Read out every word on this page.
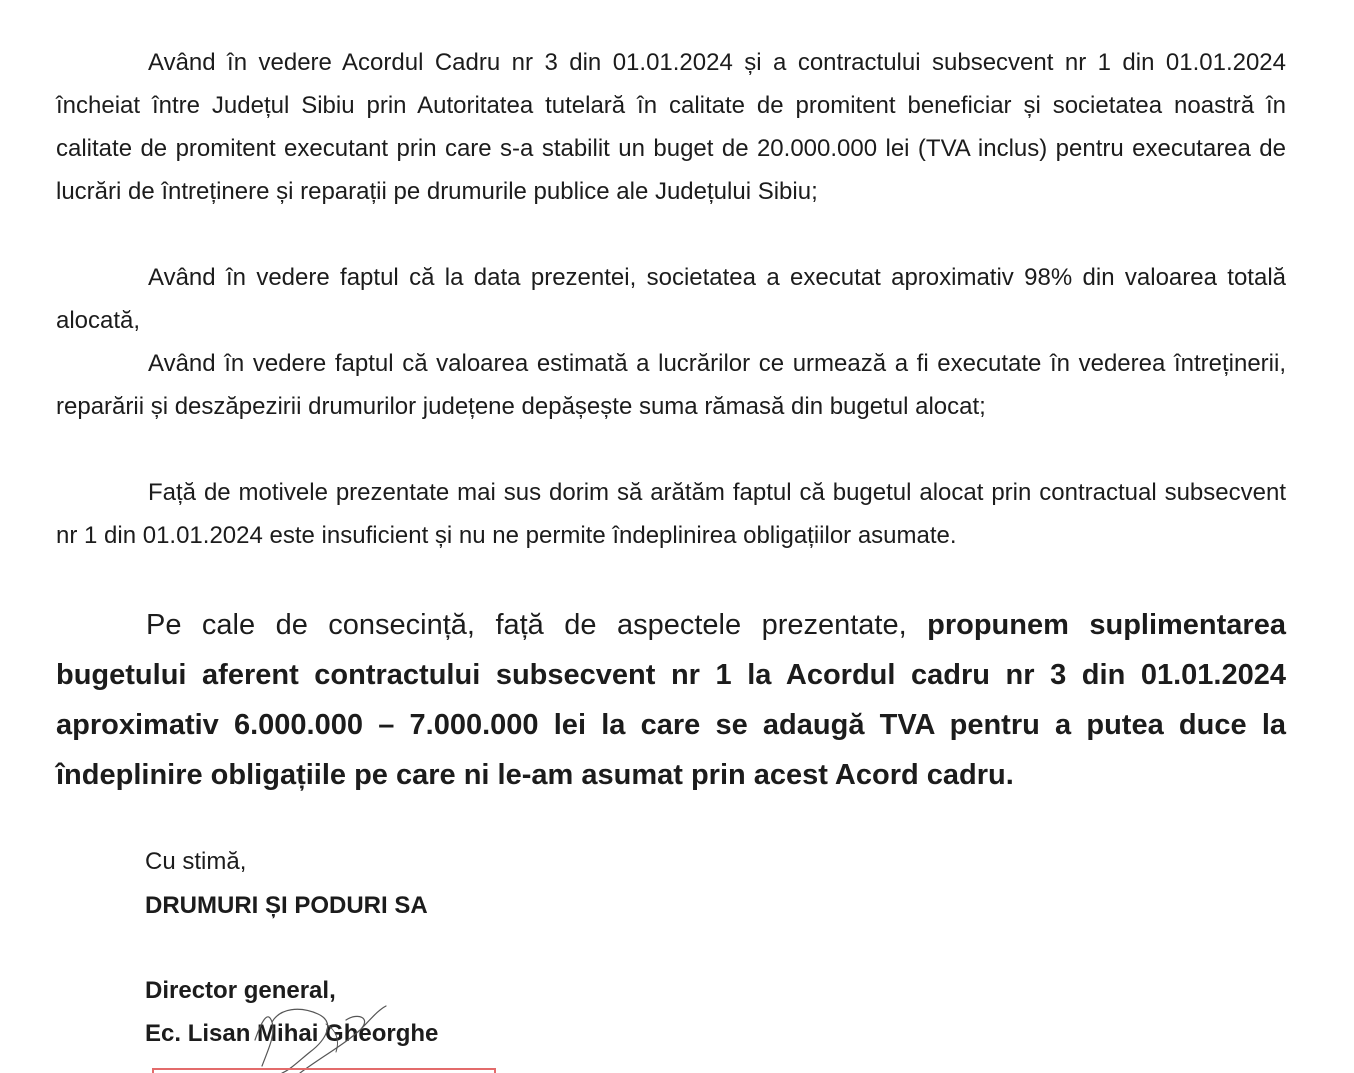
Având în vedere Acordul Cadru nr 3 din 01.01.2024 și a contractului subsecvent nr 1 din 01.01.2024 încheiat între Județul Sibiu prin Autoritatea tutelară în calitate de promitent beneficiar și societatea noastră în calitate de promitent executant prin care s-a stabilit un buget de 20.000.000 lei (TVA inclus) pentru executarea de lucrări de întreținere și reparații pe drumurile publice ale Județului Sibiu;

Având în vedere faptul că la data prezentei, societatea a executat aproximativ 98% din valoarea totală alocată,

Având în vedere faptul că valoarea estimată a lucrărilor ce urmează a fi executate în vederea întreținerii, reparării și deszăpezirii drumurilor județene depășește suma rămasă din bugetul alocat;

Față de motivele prezentate mai sus dorim să arătăm faptul că bugetul alocat prin contractual subsecvent nr 1 din 01.01.2024 este insuficient și nu ne permite îndeplinirea obligațiilor asumate.

Pe cale de consecință, față de aspectele prezentate, propunem suplimentarea bugetului aferent contractului subsecvent nr 1 la Acordul cadru nr 3 din 01.01.2024 aproximativ 6.000.000 – 7.000.000 lei la care se adaugă TVA pentru a putea duce la îndeplinire obligațiile pe care ni le-am asumat prin acest Acord cadru.

Cu stimă,

DRUMURI ȘI PODURI SA

Director general,

Ec. Lisan Mihai Gheorghe
